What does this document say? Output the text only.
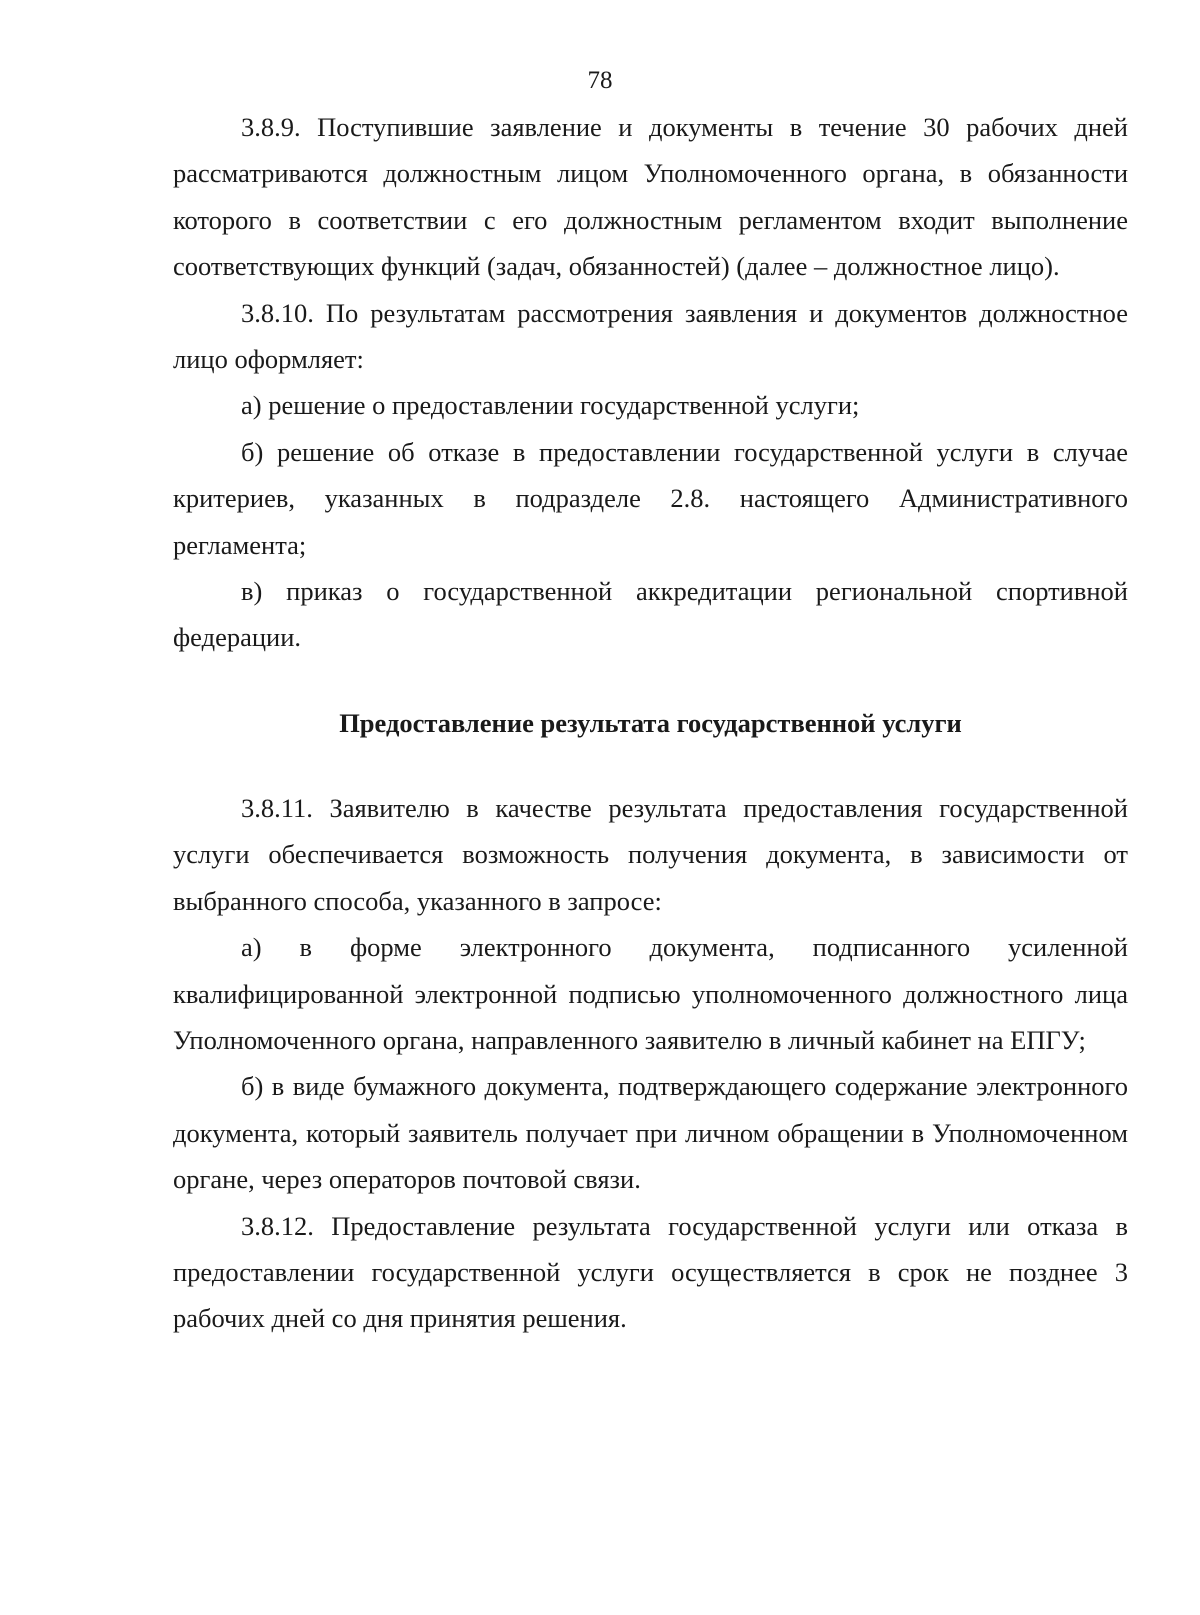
78

3.8.9. Поступившие заявление и документы в течение 30 рабочих дней рассматриваются должностным лицом Уполномоченного органа, в обязанности которого в соответствии с его должностным регламентом входит выполнение соответствующих функций (задач, обязанностей) (далее – должностное лицо).

3.8.10. По результатам рассмотрения заявления и документов должностное лицо оформляет:

а) решение о предоставлении государственной услуги;

б) решение об отказе в предоставлении государственной услуги в случае критериев, указанных в подразделе 2.8. настоящего Административного регламента;

в) приказ о государственной аккредитации региональной спортивной федерации.

Предоставление результата государственной услуги

3.8.11. Заявителю в качестве результата предоставления государственной услуги обеспечивается возможность получения документа, в зависимости от выбранного способа, указанного в запросе:

а) в форме электронного документа, подписанного усиленной квалифицированной электронной подписью уполномоченного должностного лица Уполномоченного органа, направленного заявителю в личный кабинет на ЕПГУ;

б) в виде бумажного документа, подтверждающего содержание электронного документа, который заявитель получает при личном обращении в Уполномоченном органе, через операторов почтовой связи.

3.8.12. Предоставление результата государственной услуги или отказа в предоставлении государственной услуги осуществляется в срок не позднее 3 рабочих дней со дня принятия решения.
